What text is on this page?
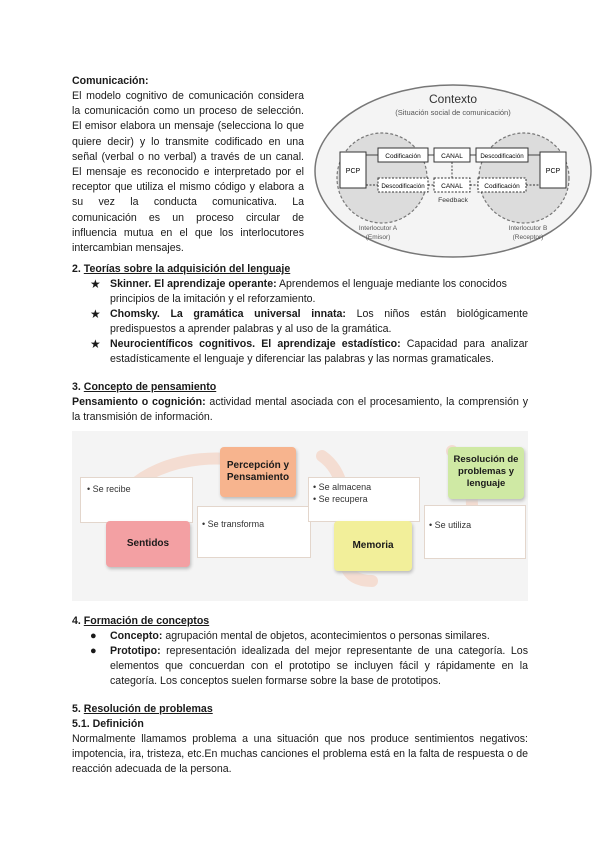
Comunicación:

El modelo cognitivo de comunicación considera la comunicación como un proceso de selección. El emisor elabora un mensaje (selecciona lo que quiere decir) y lo transmite codificado en una señal (verbal o no verbal) a través de un canal. El mensaje es reconocido e interpretado por el receptor que utiliza el mismo código y elabora a su vez la conducta comunicativa. La comunicación es un proceso circular de influencia mutua en el que los interlocutores intercambian mensajes.

Contexto
(Situación social de comunicación)
PCP	PCP
Codificación
Descodificación
CANAL
CANAL
Descodificación
Codificación
Feedback
Interlocutor A
(Emisor)
Interlocutor B
(Receptor)
2. Teorías sobre la adquisición del lenguaje
★ Skinner. El aprendizaje operante: Aprendemos el lenguaje mediante los conocidos principios de la imitación y el reforzamiento.
★ Chomsky. La gramática universal innata: Los niños están biológicamente predispuestos a aprender palabras y al uso de la gramática.
★ Neurocientíficos cognitivos. El aprendizaje estadístico: Capacidad para analizar estadísticamente el lenguaje y diferenciar las palabras y las normas gramaticales.
3. Concepto de pensamiento

Pensamiento o cognición: actividad mental asociada con el procesamiento, la comprensión y la transmisión de información.

• Se recibe
• Se transforma
• Se almacena
• Se recupera
• Se utiliza
Sentidos
Percepción y
Pensamiento
Memoria
Resolución de
problemas y
lenguaje
4. Formación de conceptos
● Concepto: agrupación mental de objetos, acontecimientos o personas similares.
● Prototipo: representación idealizada del mejor representante de una categoría. Los elementos que concuerdan con el prototipo se incluyen fácil y rápidamente en la categoría. Los conceptos suelen formarse sobre la base de prototipos.
5. Resolución de problemas
5.1. Definición

Normalmente llamamos problema a una situación que nos produce sentimientos negativos: impotencia, ira, tristeza, etc.En muchas canciones el problema está en la falta de respuesta o de reacción adecuada de la persona.
